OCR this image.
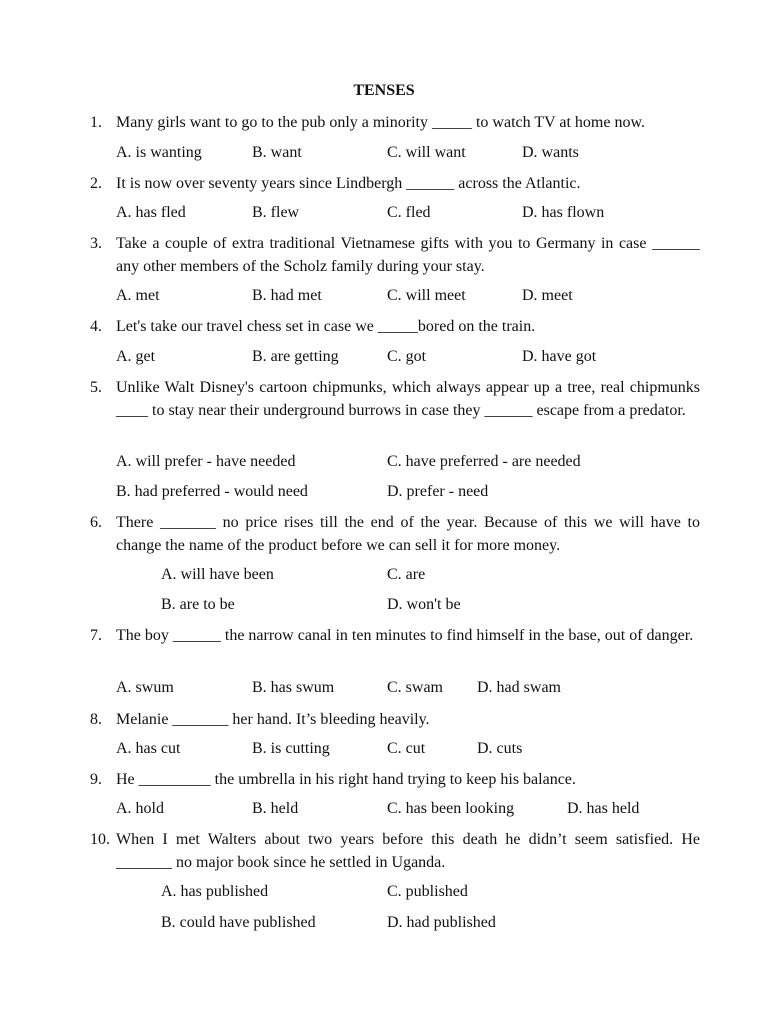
TENSES
1. Many girls want to go to the pub only a minority _____ to watch TV at home now.
A. is wanting	B. want	C. will want	D. wants
2. It is now over seventy years since Lindbergh ______ across the Atlantic.
A. has fled	B. flew	C. fled	D. has flown
3. Take a couple of extra traditional Vietnamese gifts with you to Germany in case ______ any other members of the Scholz family during your stay.
A. met	B. had met	C. will meet	D. meet
4. Let's take our travel chess set in case we _____bored on the train.
A. get	B. are getting	C. got	D. have got
5. Unlike Walt Disney's cartoon chipmunks, which always appear up a tree, real chipmunks ____ to stay near their underground burrows in case they ______ escape from a predator.
A. will prefer - have needed	C. have preferred - are needed
B. had preferred - would need	D. prefer - need
6. There _______ no price rises till the end of the year. Because of this we will have to change the name of the product before we can sell it for more money.
A. will have been	C. are
B. are to be	D. won't be
7. The boy ______ the narrow canal in ten minutes to find himself in the base, out of danger.
A. swum	B. has swum	C. swam D. had swam
8. Melanie _______ her hand. It’s bleeding heavily.
A. has cut	B. is cutting	C. cut	D. cuts
9. He _________ the umbrella in his right hand trying to keep his balance.
A. hold	B. held	C. has been looking	D. has held
10. When I met Walters about two years before this death he didn’t seem satisfied. He _______ no major book since he settled in Uganda.
A. has published	C. published
B. could have published	D. had published
